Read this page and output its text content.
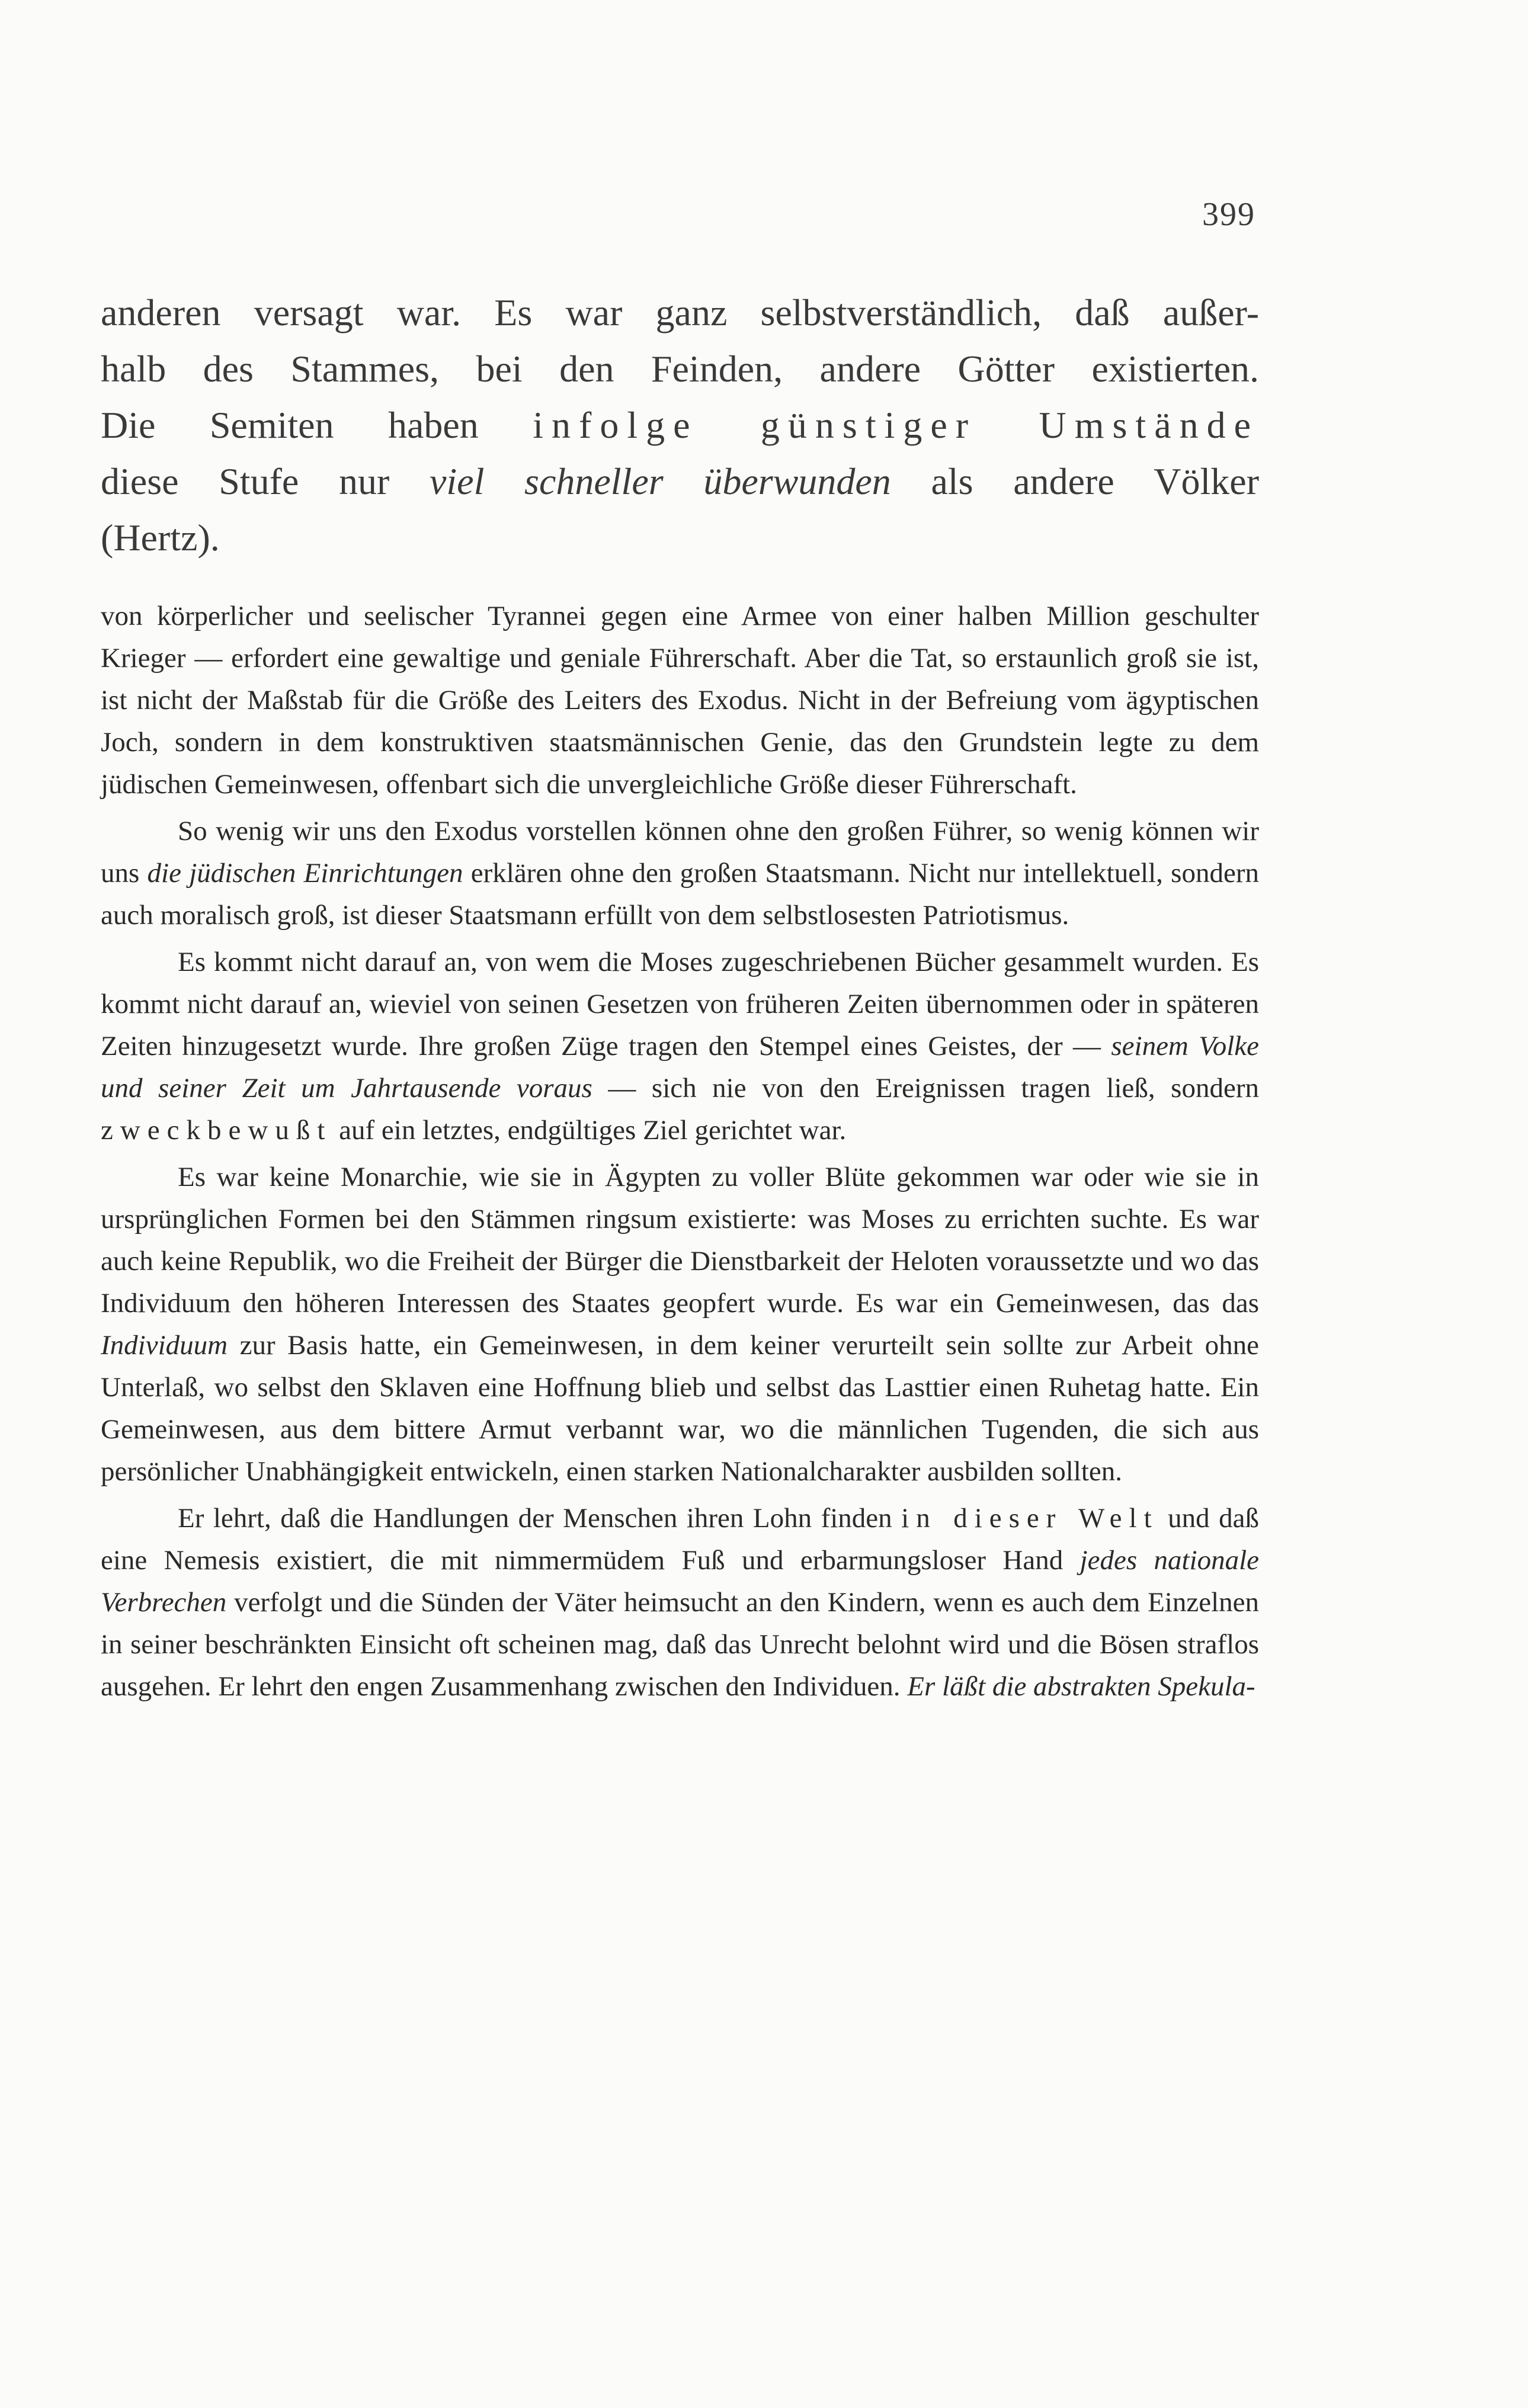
399

anderen versagt war. Es war ganz selbstverständlich, daß außer-

halb des Stammes, bei den Feinden, andere Götter existierten.

Die Semiten haben infolge günstiger Umstände

diese Stufe nur viel schneller überwunden als andere Völker

(Hertz).

von körperlicher und seelischer Tyrannei gegen eine Armee von einer halben Million geschulter Krieger — erfordert eine gewaltige und geniale Führerschaft. Aber die Tat, so erstaunlich groß sie ist, ist nicht der Maßstab für die Größe des Leiters des Exodus. Nicht in der Befreiung vom ägyptischen Joch, sondern in dem konstruktiven staatsmännischen Genie, das den Grundstein legte zu dem jüdischen Gemeinwesen, offenbart sich die unvergleichliche Größe dieser Führerschaft.

So wenig wir uns den Exodus vorstellen können ohne den großen Führer, so wenig können wir uns die jüdischen Einrichtungen erklären ohne den großen Staatsmann. Nicht nur intellektuell, sondern auch moralisch groß, ist dieser Staatsmann erfüllt von dem selbstlosesten Patriotismus.

Es kommt nicht darauf an, von wem die Moses zugeschriebenen Bücher gesammelt wurden. Es kommt nicht darauf an, wieviel von seinen Gesetzen von früheren Zeiten übernommen oder in späteren Zeiten hinzugesetzt wurde. Ihre großen Züge tragen den Stempel eines Geistes, der — seinem Volke und seiner Zeit um Jahrtausende voraus — sich nie von den Ereignissen tragen ließ, sondern zweckbewußt auf ein letztes, endgültiges Ziel gerichtet war.

Es war keine Monarchie, wie sie in Ägypten zu voller Blüte gekommen war oder wie sie in ursprünglichen Formen bei den Stämmen ringsum existierte: was Moses zu errichten suchte. Es war auch keine Republik, wo die Freiheit der Bürger die Dienstbarkeit der Heloten voraussetzte und wo das Individuum den höheren Interessen des Staates geopfert wurde. Es war ein Gemeinwesen, das das Individuum zur Basis hatte, ein Gemeinwesen, in dem keiner verurteilt sein sollte zur Arbeit ohne Unterlaß, wo selbst den Sklaven eine Hoffnung blieb und selbst das Lasttier einen Ruhetag hatte. Ein Gemeinwesen, aus dem bittere Armut verbannt war, wo die männlichen Tugenden, die sich aus persönlicher Unabhängigkeit entwickeln, einen starken Nationalcharakter ausbilden sollten.

Er lehrt, daß die Handlungen der Menschen ihren Lohn finden in dieser Welt und daß eine Nemesis existiert, die mit nimmermüdem Fuß und erbarmungsloser Hand jedes nationale Verbrechen verfolgt und die Sünden der Väter heimsucht an den Kindern, wenn es auch dem Einzelnen in seiner beschränkten Einsicht oft scheinen mag, daß das Unrecht belohnt wird und die Bösen straflos ausgehen. Er lehrt den engen Zusammenhang zwischen den Individuen. Er läßt die abstrakten Spekula-
